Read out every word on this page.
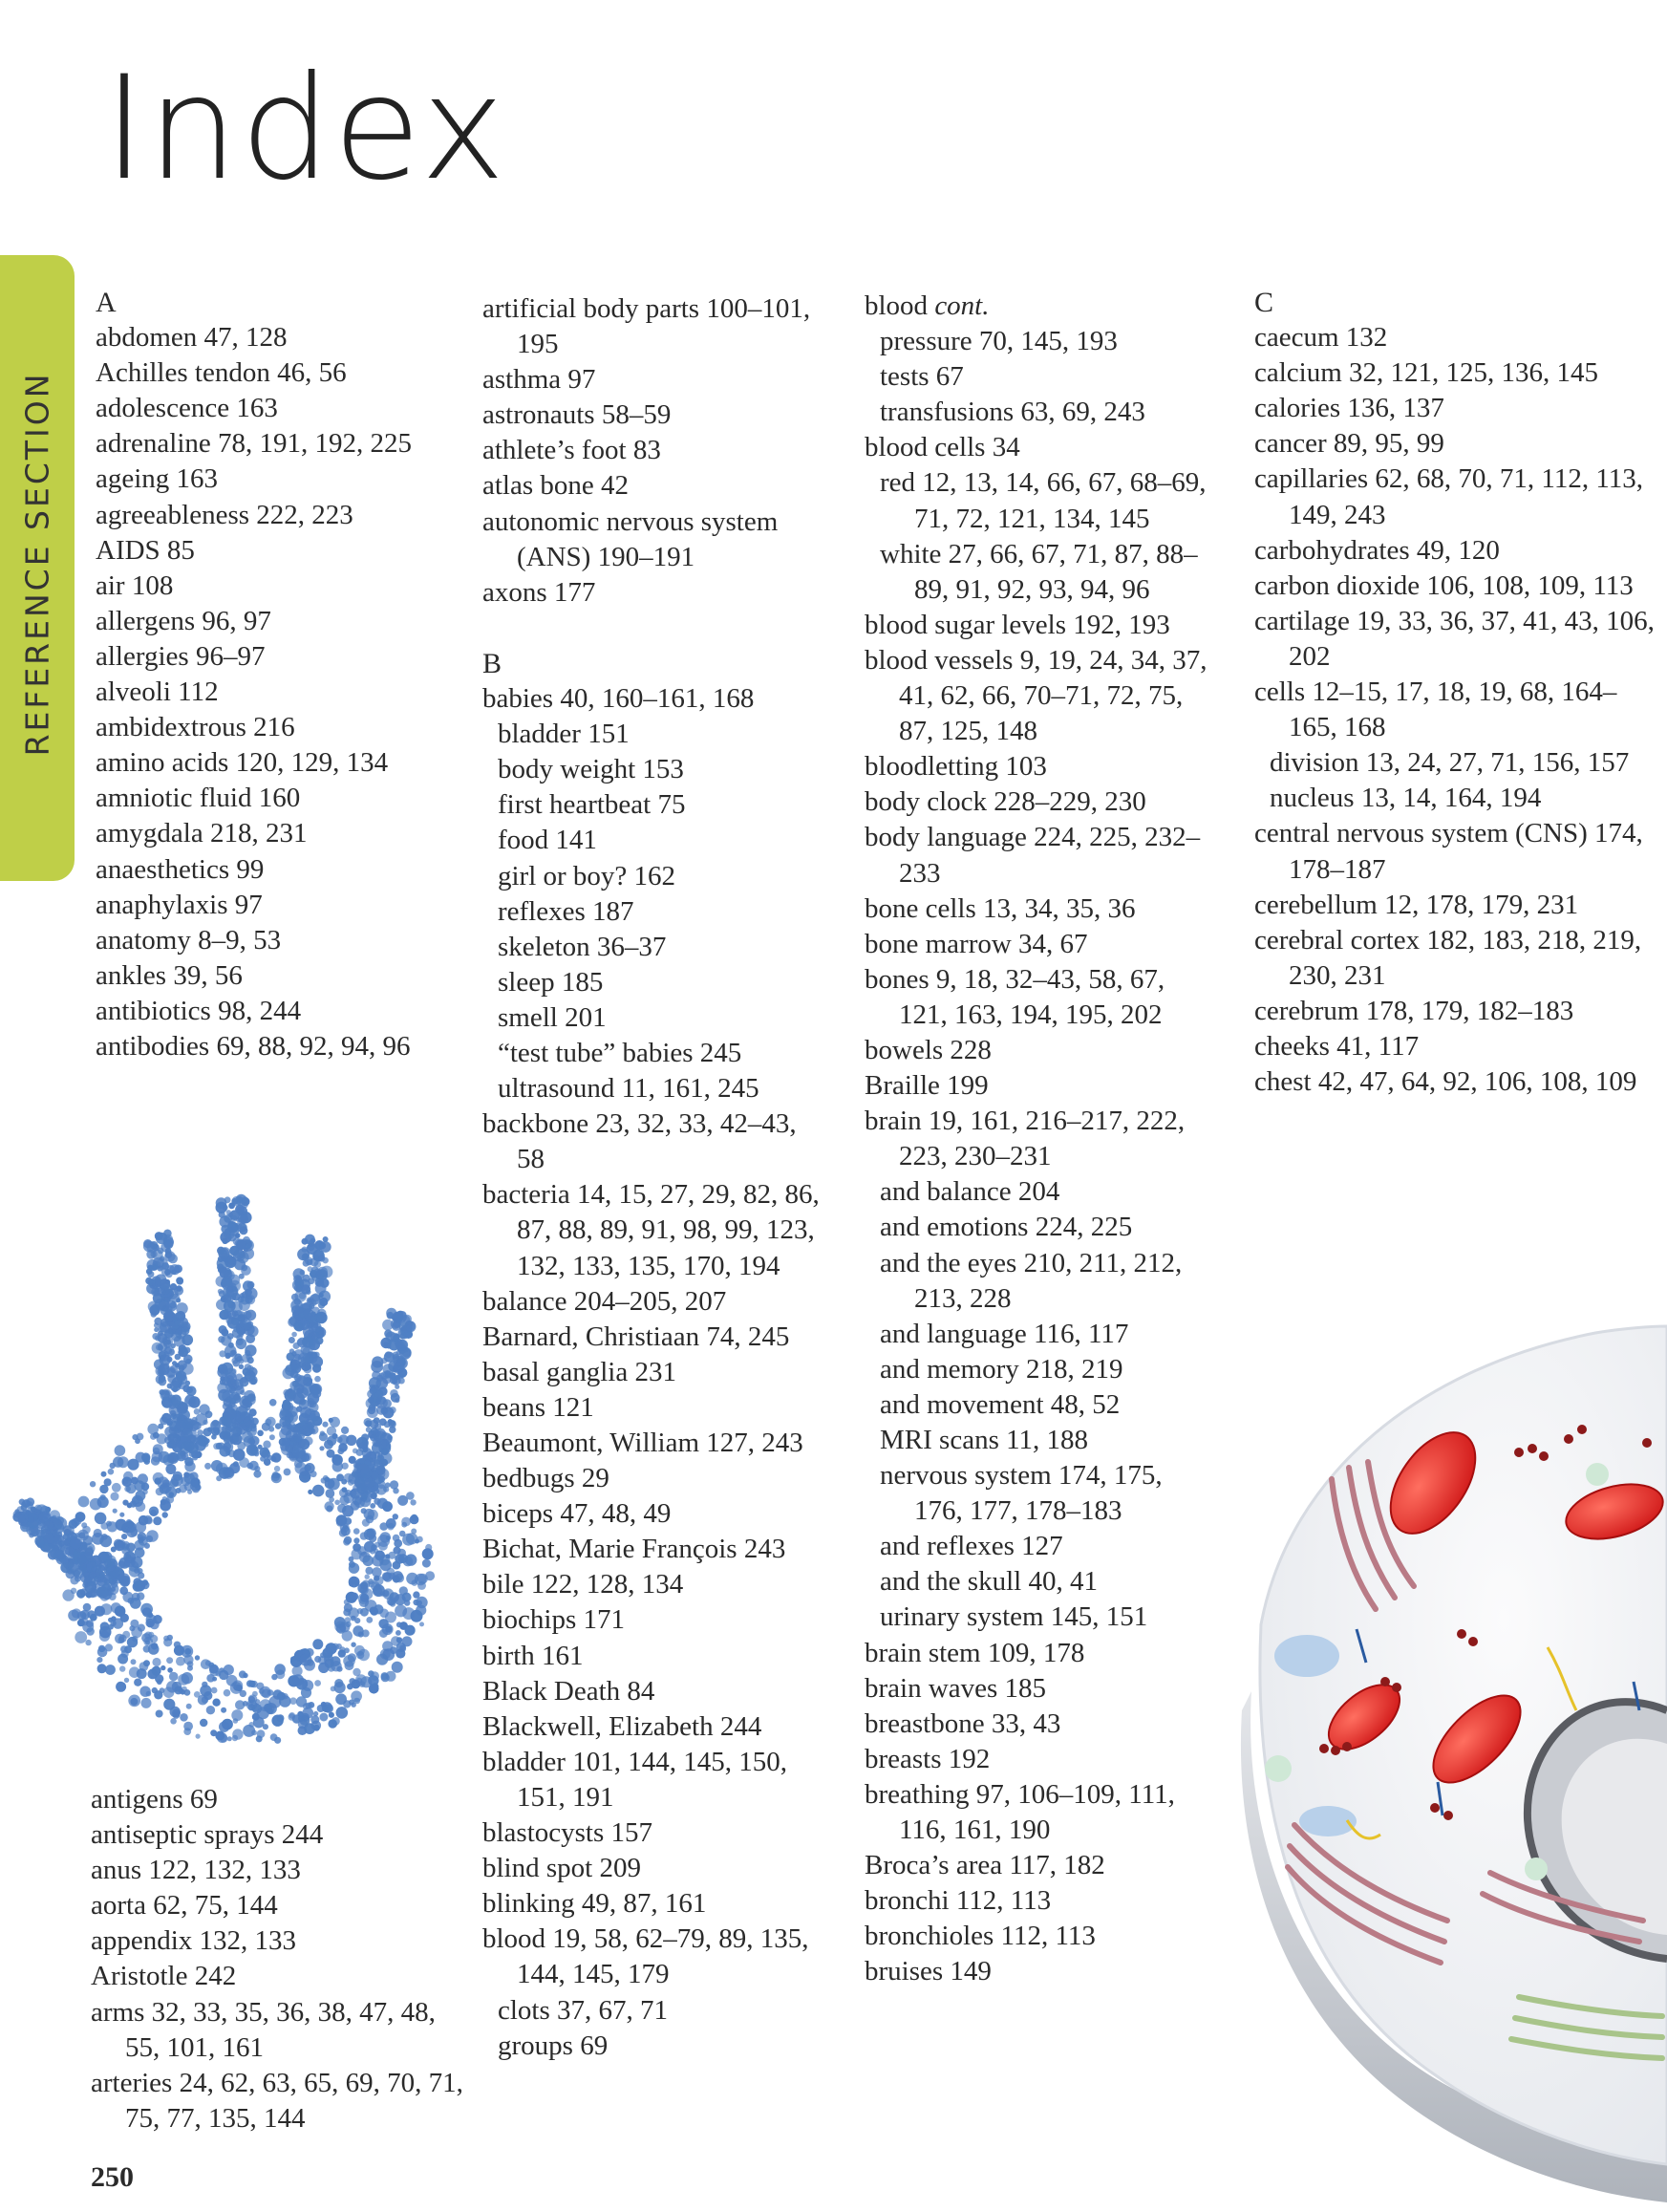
Index
REFERENCE SECTION
A
abdomen 47, 128
Achilles tendon 46, 56
adolescence 163
adrenaline 78, 191, 192, 225
ageing 163
agreeableness 222, 223
AIDS 85
air 108
allergens 96, 97
allergies 96–97
alveoli 112
ambidextrous 216
amino acids 120, 129, 134
amniotic fluid 160
amygdala 218, 231
anaesthetics 99
anaphylaxis 97
anatomy 8–9, 53
ankles 39, 56
antibiotics 98, 244
antibodies 69, 88, 92, 94, 96
antigens 69
antiseptic sprays 244
anus 122, 132, 133
aorta 62, 75, 144
appendix 132, 133
Aristotle 242
arms 32, 33, 35, 36, 38, 47, 48, 55, 101, 161
arteries 24, 62, 63, 65, 69, 70, 71, 75, 77, 135, 144
artificial body parts 100–101, 195
asthma 97
astronauts 58–59
athlete’s foot 83
atlas bone 42
autonomic nervous system (ANS) 190–191
axons 177
B
babies 40, 160–161, 168
bladder 151
body weight 153
first heartbeat 75
food 141
girl or boy? 162
reflexes 187
skeleton 36–37
sleep 185
smell 201
“test tube” babies 245
ultrasound 11, 161, 245
backbone 23, 32, 33, 42–43, 58
bacteria 14, 15, 27, 29, 82, 86, 87, 88, 89, 91, 98, 99, 123, 132, 133, 135, 170, 194
balance 204–205, 207
Barnard, Christiaan 74, 245
basal ganglia 231
beans 121
Beaumont, William 127, 243
bedbugs 29
biceps 47, 48, 49
Bichat, Marie François 243
bile 122, 128, 134
biochips 171
birth 161
Black Death 84
Blackwell, Elizabeth 244
bladder 101, 144, 145, 150, 151, 191
blastocysts 157
blind spot 209
blinking 49, 87, 161
blood 19, 58, 62–79, 89, 135, 144, 145, 179
clots 37, 67, 71
groups 69
blood cont.
pressure 70, 145, 193
tests 67
transfusions 63, 69, 243
blood cells 34
red 12, 13, 14, 66, 67, 68–69, 71, 72, 121, 134, 145
white 27, 66, 67, 71, 87, 88–89, 91, 92, 93, 94, 96
blood sugar levels 192, 193
blood vessels 9, 19, 24, 34, 37, 41, 62, 66, 70–71, 72, 75, 87, 125, 148
bloodletting 103
body clock 228–229, 230
body language 224, 225, 232–233
bone cells 13, 34, 35, 36
bone marrow 34, 67
bones 9, 18, 32–43, 58, 67, 121, 163, 194, 195, 202
bowels 228
Braille 199
brain 19, 161, 216–217, 222, 223, 230–231
and balance 204
and emotions 224, 225
and the eyes 210, 211, 212, 213, 228
and language 116, 117
and memory 218, 219
and movement 48, 52
MRI scans 11, 188
nervous system 174, 175, 176, 177, 178–183
and reflexes 127
and the skull 40, 41
urinary system 145, 151
brain stem 109, 178
brain waves 185
breastbone 33, 43
breasts 192
breathing 97, 106–109, 111, 116, 161, 190
Broca’s area 117, 182
bronchi 112, 113
bronchioles 112, 113
bruises 149
C
caecum 132
calcium 32, 121, 125, 136, 145
calories 136, 137
cancer 89, 95, 99
capillaries 62, 68, 70, 71, 112, 113, 149, 243
carbohydrates 49, 120
carbon dioxide 106, 108, 109, 113
cartilage 19, 33, 36, 37, 41, 43, 106, 202
cells 12–15, 17, 18, 19, 68, 164–165, 168
division 13, 24, 27, 71, 156, 157
nucleus 13, 14, 164, 194
central nervous system (CNS) 174, 178–187
cerebellum 12, 178, 179, 231
cerebral cortex 182, 183, 218, 219, 230, 231
cerebrum 178, 179, 182–183
cheeks 41, 117
chest 42, 47, 64, 92, 106, 108, 109
250
